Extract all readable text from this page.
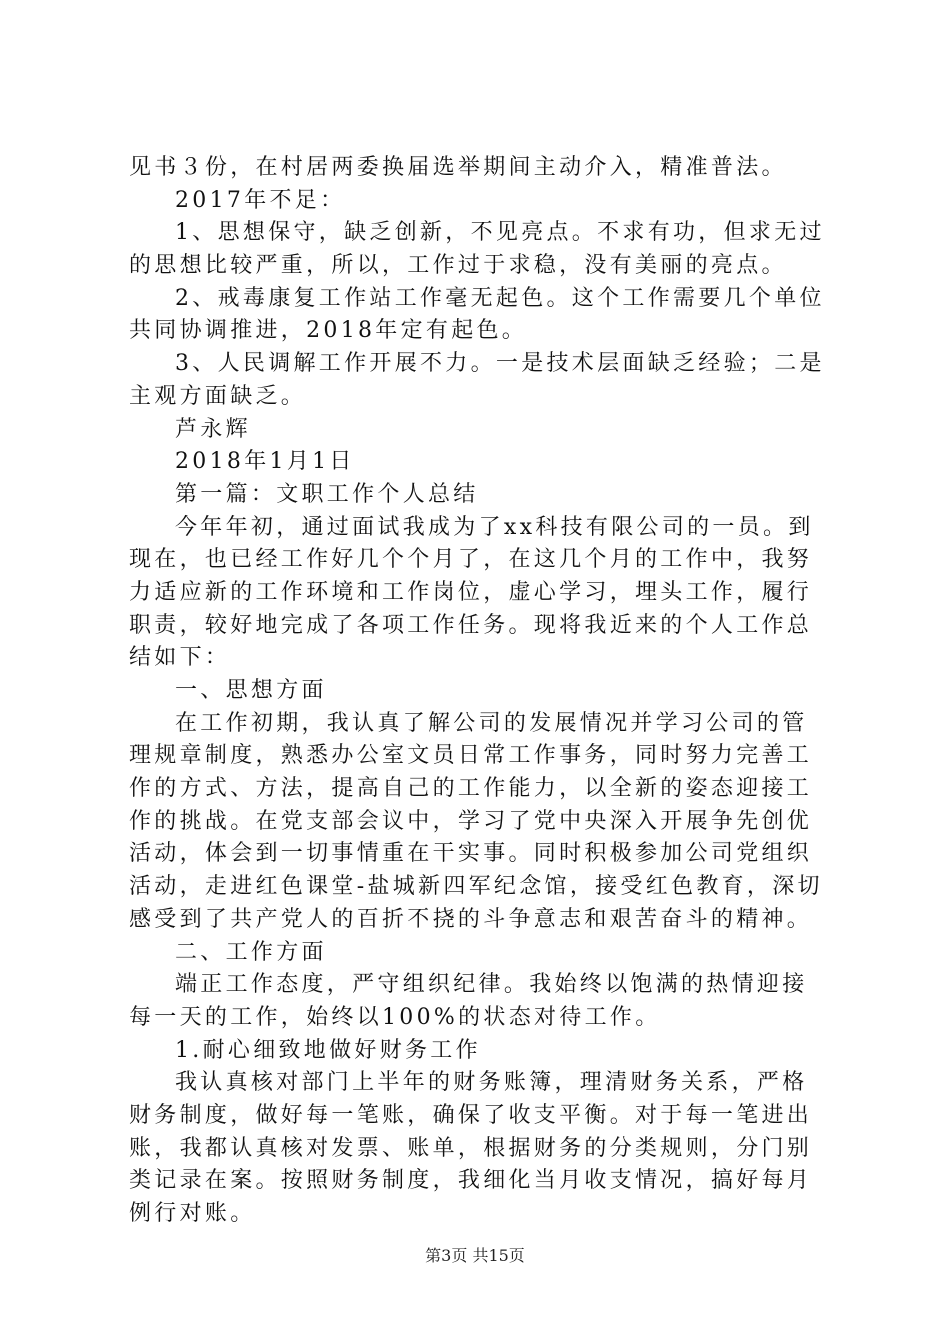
见书３份，在村居两委换届选举期间主动介入，精准普法。
2017年不足：
1、思想保守，缺乏创新，不见亮点。不求有功，但求无过
的思想比较严重，所以，工作过于求稳，没有美丽的亮点。
2、戒毒康复工作站工作毫无起色。这个工作需要几个单位
共同协调推进，2018年定有起色。
3、人民调解工作开展不力。一是技术层面缺乏经验；二是
主观方面缺乏。
芦永辉
2018年1月1日
第一篇：文职工作个人总结
今年年初，通过面试我成为了xx科技有限公司的一员。到
现在，也已经工作好几个个月了，在这几个月的工作中，我努
力适应新的工作环境和工作岗位，虚心学习，埋头工作，履行
职责，较好地完成了各项工作任务。现将我近来的个人工作总
结如下：
一、思想方面
在工作初期，我认真了解公司的发展情况并学习公司的管
理规章制度，熟悉办公室文员日常工作事务，同时努力完善工
作的方式、方法，提高自己的工作能力，以全新的姿态迎接工
作的挑战。在党支部会议中，学习了党中央深入开展争先创优
活动，体会到一切事情重在干实事。同时积极参加公司党组织
活动，走进红色课堂-盐城新四军纪念馆，接受红色教育，深切
感受到了共产党人的百折不挠的斗争意志和艰苦奋斗的精神。
二、工作方面
端正工作态度，严守组织纪律。我始终以饱满的热情迎接
每一天的工作，始终以100%的状态对待工作。
1.耐心细致地做好财务工作
我认真核对部门上半年的财务账簿，理清财务关系，严格
财务制度，做好每一笔账，确保了收支平衡。对于每一笔进出
账，我都认真核对发票、账单，根据财务的分类规则，分门别
类记录在案。按照财务制度，我细化当月收支情况，搞好每月
例行对账。
第3页 共15页
